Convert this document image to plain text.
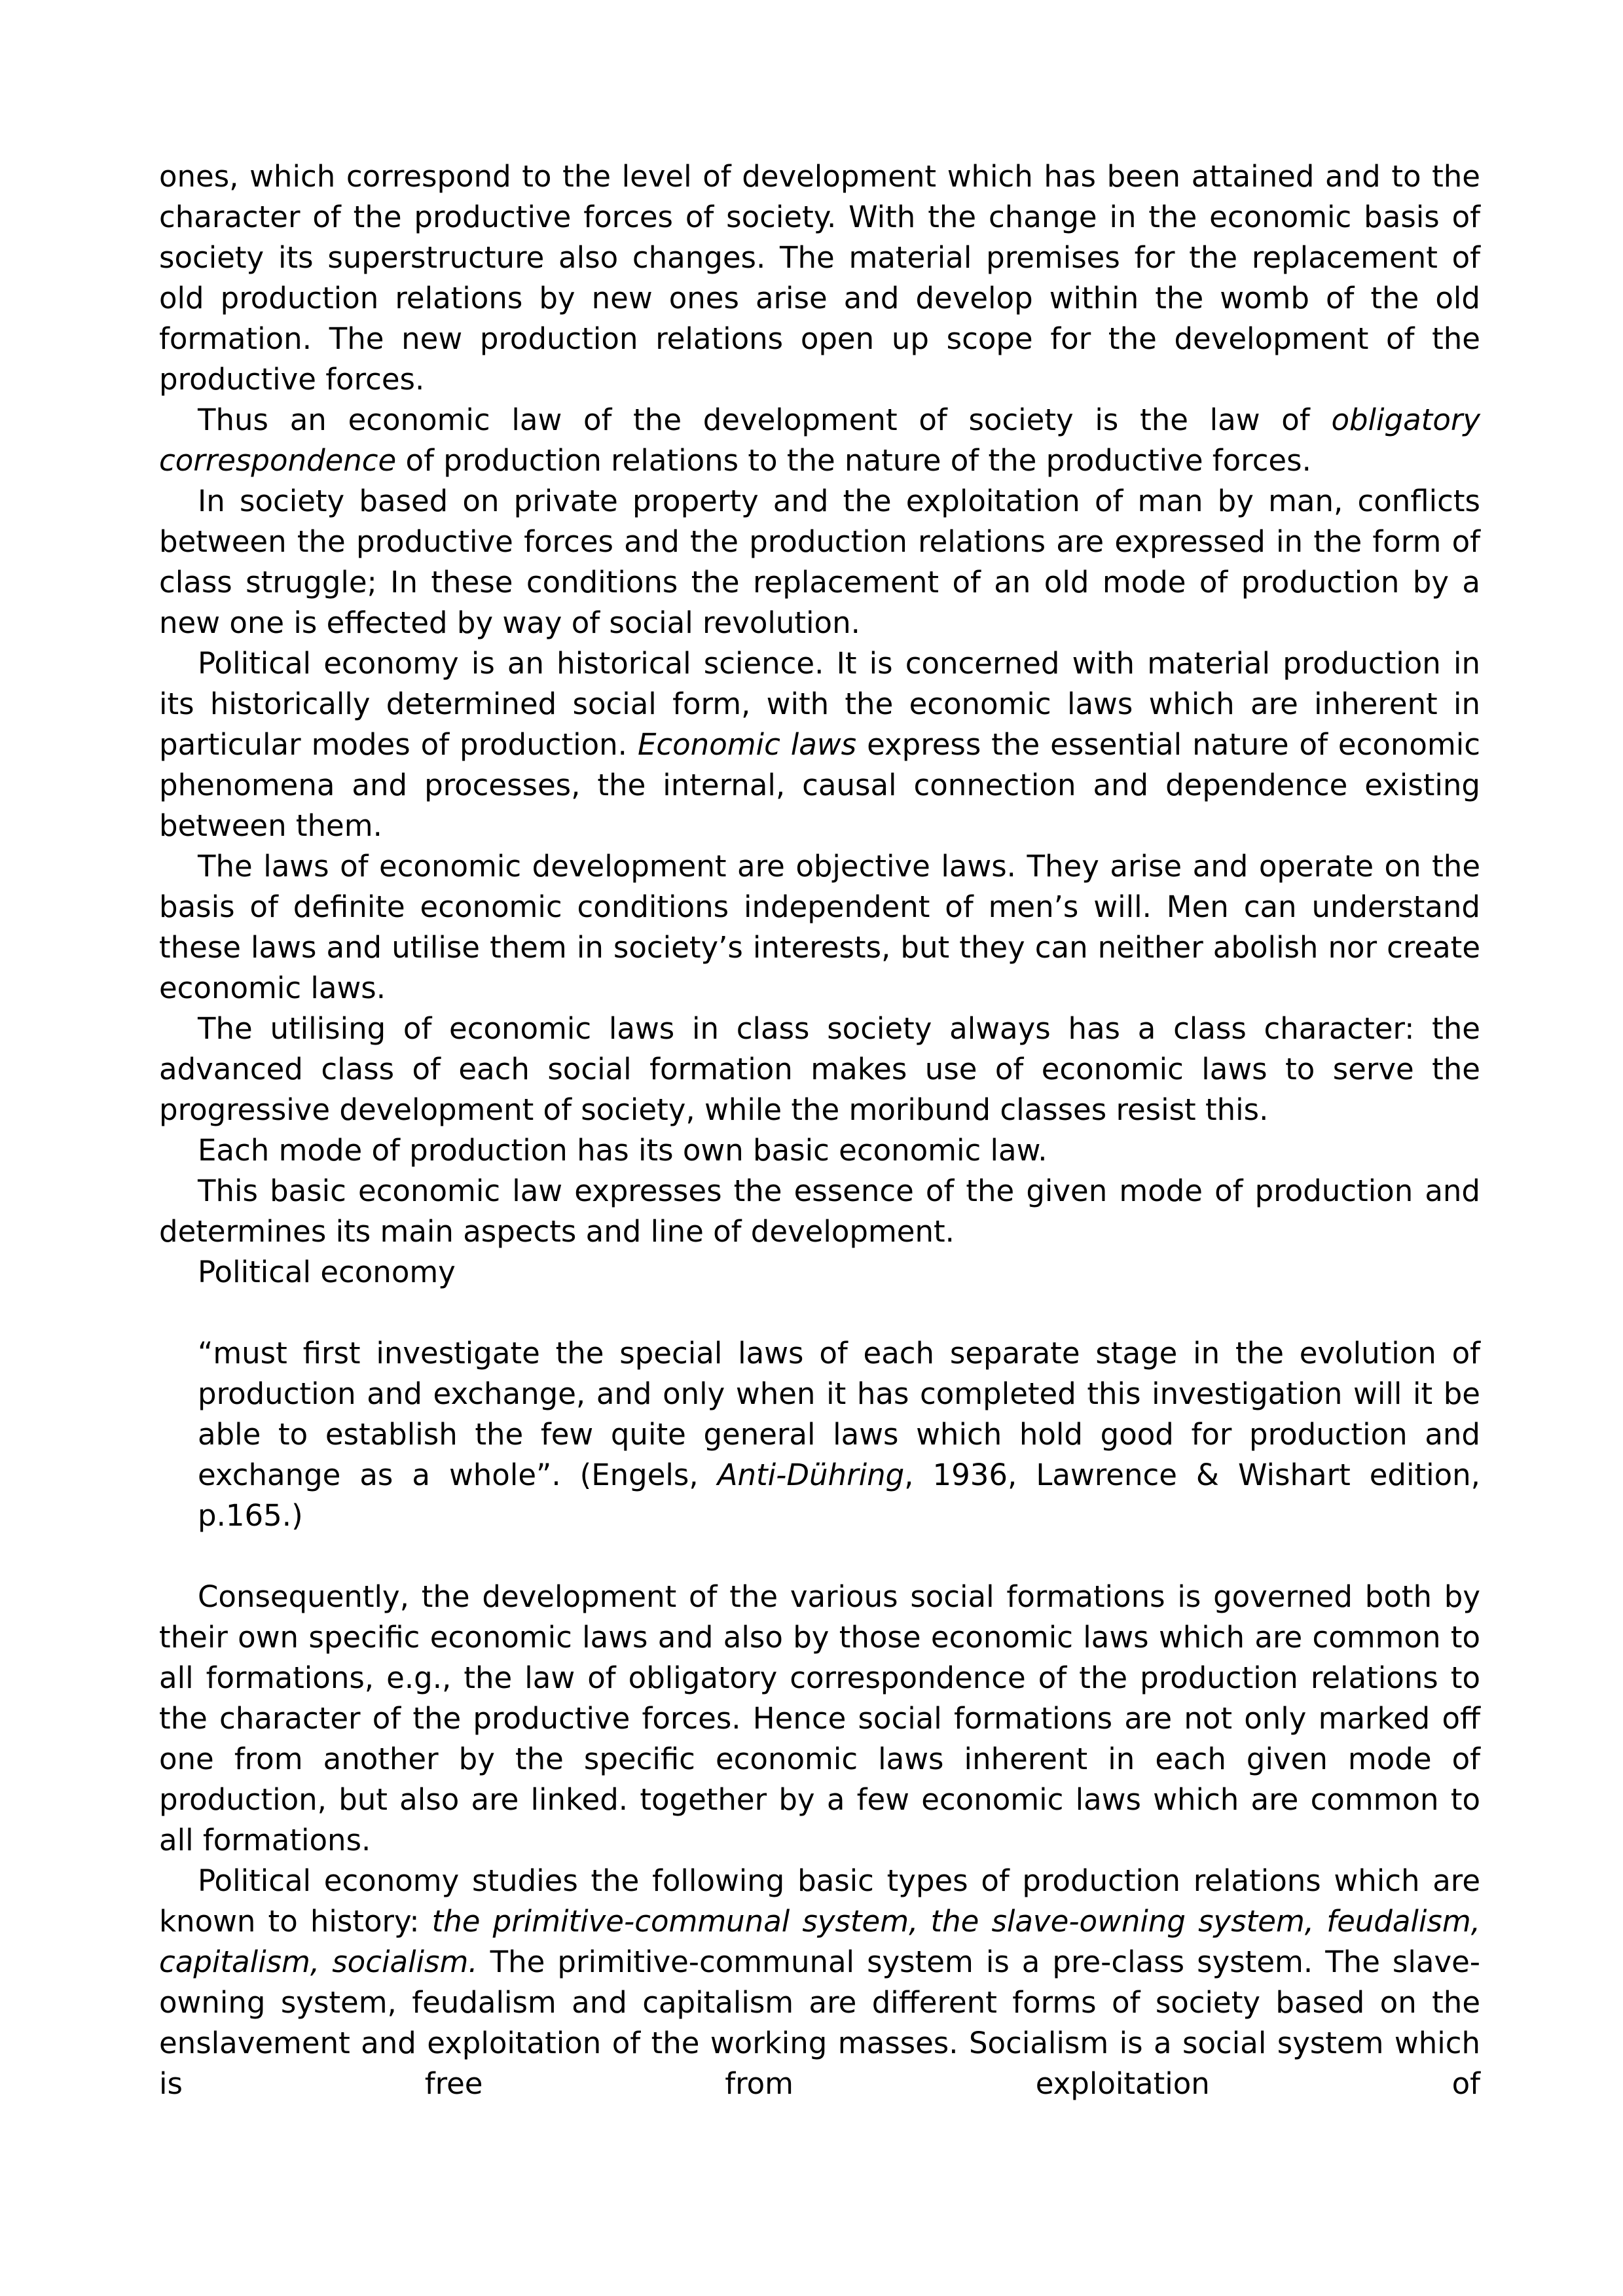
ones, which correspond to the level of development which has been attained and to the character of the productive forces of society. With the change in the economic basis of society its superstructure also changes. The material premises for the replacement of old production relations by new ones arise and develop within the womb of the old formation. The new production relations open up scope for the development of the productive forces.

Thus an economic law of the development of society is the law of obligatory correspondence of production relations to the nature of the productive forces.

In society based on private property and the exploitation of man by man, conflicts between the productive forces and the production relations are expressed in the form of class struggle; In these conditions the replacement of an old mode of production by a new one is effected by way of social revolution.

Political economy is an historical science. It is concerned with material production in its historically determined social form, with the economic laws which are inherent in particular modes of production. Economic laws express the essential nature of economic phenomena and processes, the internal, causal connection and dependence existing between them.

The laws of economic development are objective laws. They arise and operate on the basis of definite economic conditions independent of men’s will. Men can understand these laws and utilise them in society’s interests, but they can neither abolish nor create economic laws.

The utilising of economic laws in class society always has a class character: the advanced class of each social formation makes use of economic laws to serve the progressive development of society, while the moribund classes resist this.

Each mode of production has its own basic economic law.

This basic economic law expresses the essence of the given mode of production and determines its main aspects and line of development.

Political economy

“must first investigate the special laws of each separate stage in the evolution of production and exchange, and only when it has completed this investigation will it be able to establish the few quite general laws which hold good for production and exchange as a whole”. (Engels, Anti-Dühring, 1936, Lawrence & Wishart edition, p.165.)

Consequently, the development of the various social formations is governed both by their own specific economic laws and also by those economic laws which are common to all formations, e.g., the law of obligatory correspondence of the production relations to the character of the productive forces. Hence social formations are not only marked off one from another by the specific economic laws inherent in each given mode of production, but also are linked. together by a few economic laws which are common to all formations.

Political economy studies the following basic types of production relations which are known to history: the primitive-communal system, the slave-owning system, feudalism, capitalism, socialism. The primitive-communal system is a pre-class system. The slave-owning system, feudalism and capitalism are different forms of society based on the enslavement and exploitation of the working masses. Socialism is a social system which is free from exploitation of
